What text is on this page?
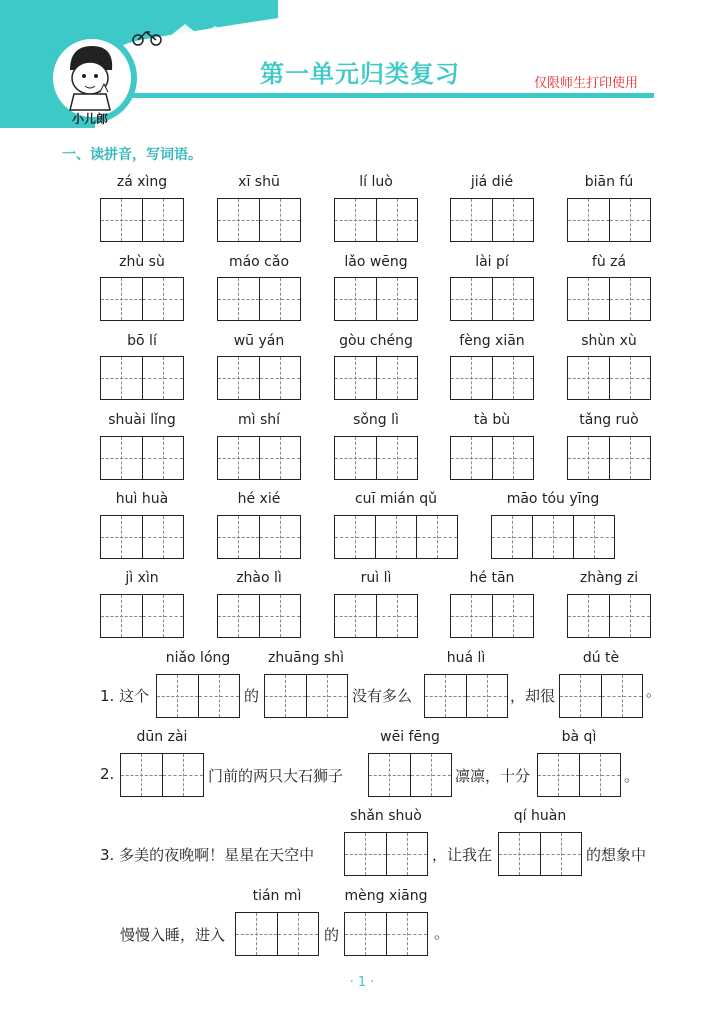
第一单元归类复习	仅限师生打印使用
小儿郎
一、读拼音，写词语。
zá xìng	xī shū	lí luò	jiá dié	biān fú
zhù sù	máo cǎo	lǎo wēng	lài pí	fù zá
bō lí	wū yán	gòu chéng	fèng xiān	shùn xù
shuài lǐng	mì shí	sǒng lì	tà bù	tǎng ruò
huì huà	hé xié	cuī mián qǔ	māo tóu yīng
jì xìn	zhào lì	ruì lì	hé tān	zhàng zi
niǎo lóng	zhuāng shì	huá lì	dú tè
1. 这个	的	没有多么	，却很	。
dūn zài	wēi fēng	bà qì
2.	门前的两只大石狮子	凛凛，十分	。
shǎn shuò	qí huàn
3. 多美的夜晚啊！星星在天空中	，让我在	的想象中
tián mì	mèng xiāng
慢慢入睡，进入	的	。
· 1 ·
